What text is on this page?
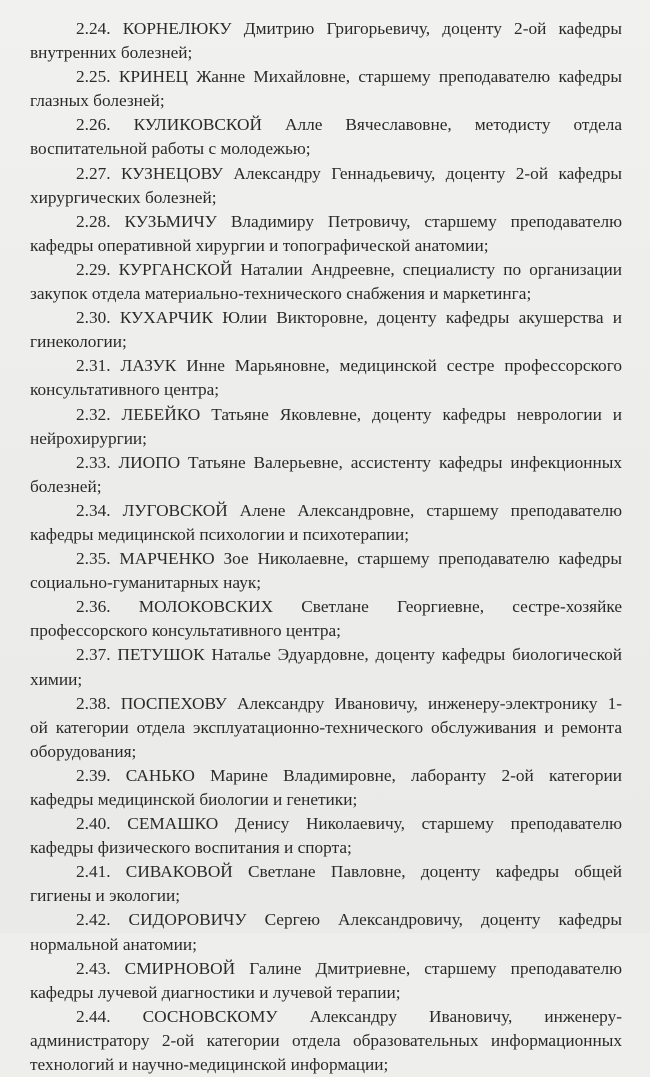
2.24. КОРНЕЛЮКУ Дмитрию Григорьевичу, доценту 2-ой кафедры
внутренних болезней;
2.25. КРИНЕЦ Жанне Михайловне, старшему преподавателю кафедры
глазных болезней;
2.26. КУЛИКОВСКОЙ Алле Вячеславовне, методисту отдела
воспитательной работы с молодежью;
2.27. КУЗНЕЦОВУ Александру Геннадьевичу, доценту 2-ой кафедры
хирургических болезней;
2.28. КУЗЬМИЧУ Владимиру Петровичу, старшему преподавателю
кафедры оперативной хирургии и топографической анатомии;
2.29. КУРГАНСКОЙ Наталии Андреевне, специалисту по организации
закупок отдела материально-технического снабжения и маркетинга;
2.30. КУХАРЧИК Юлии Викторовне, доценту кафедры акушерства и
гинекологии;
2.31. ЛАЗУК Инне Марьяновне, медицинской сестре профессорского
консультативного центра;
2.32. ЛЕБЕЙКО Татьяне Яковлевне, доценту кафедры неврологии и
нейрохирургии;
2.33. ЛИОПО Татьяне Валерьевне, ассистенту кафедры инфекционных
болезней;
2.34. ЛУГОВСКОЙ Алене Александровне, старшему преподавателю
кафедры медицинской психологии и психотерапии;
2.35. МАРЧЕНКО Зое Николаевне, старшему преподавателю кафедры
социально-гуманитарных наук;
2.36. МОЛОКОВСКИХ Светлане Георгиевне, сестре-хозяйке
профессорского консультативного центра;
2.37. ПЕТУШОК Наталье Эдуардовне, доценту кафедры биологической
химии;
2.38. ПОСПЕХОВУ Александру Ивановичу, инженеру-электронику 1-
ой категории отдела эксплуатационно-технического обслуживания и ремонта
оборудования;
2.39. САНЬКО Марине Владимировне, лаборанту 2-ой категории
кафедры медицинской биологии и генетики;
2.40. СЕМАШКО Денису Николаевичу, старшему преподавателю
кафедры физического воспитания и спорта;
2.41. СИВАКОВОЙ Светлане Павловне, доценту кафедры общей
гигиены и экологии;
2.42. СИДОРОВИЧУ Сергею Александровичу, доценту кафедры
нормальной анатомии;
2.43. СМИРНОВОЙ Галине Дмитриевне, старшему преподавателю
кафедры лучевой диагностики и лучевой терапии;
2.44. СОСНОВСКОМУ Александру Ивановичу, инженеру-
администратору 2-ой категории отдела образовательных информационных
технологий и научно-медицинской информации;
